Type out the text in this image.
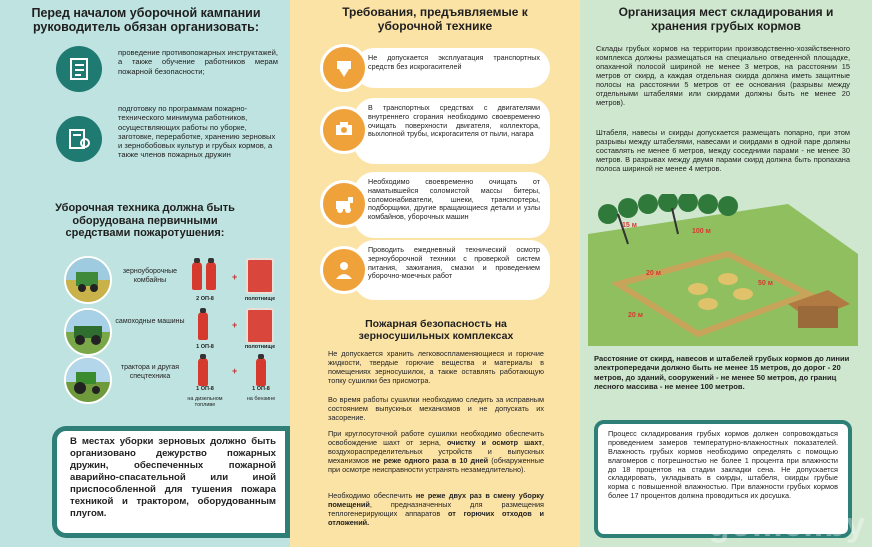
Перед началом уборочной кампании руководитель обязан организовать:
проведение противопожарных инструктажей, а также обучение работников мерам пожарной безопасности;
подготовку по программам пожарно-технического минимума работников, осуществляющих работы по уборке, заготовке, переработке, хранению зерновых и зернобобовых культур и грубых кормов, а также членов пожарных дружин
Уборочная техника должна быть оборудована первичными средствами пожаротушения:
зерноуборочные комбайны

2 ОП-8
+
полотнище
самоходные машины
1 ОП-8
+
полотнище
трактора и другая спецтехника
1 ОП-8
+
1 ОП-8
на дизельном топливе
на бензине
В местах уборки зерновых должно быть организовано дежурство пожарных дружин, обеспеченных пожарной аварийно-спасательной или иной приспособленной для тушения пожара техникой и трактором, оборудованным плугом.
Требования, предъявляемые к уборочной технике
Не допускается эксплуатация транспортных средств без искрогасителей
В транспортных средствах с двигателями внутреннего сгорания необходимо своевременно очищать поверхности двигателя, коллектора, выхлопной трубы, искрогасителя от пыли, нагара
Необходимо своевременно очищать от наматывшейся соломистой массы битеры, соломонабиватели, шнеки, транспортеры, подборщики, другие вращающиеся детали и узлы комбайнов, уборочных машин
Проводить ежедневный технический осмотр зерноуборочной техники с проверкой систем питания, зажигания, смазки и проведением уборочно-моечных работ
Пожарная безопасность на зерносушильных комплексах
Не допускается хранить легковоспламеняющиеся и горючие жидкости, твердые горючие вещества и материалы в помещениях зерносушилок, а также оставлять работающую топку сушилки без присмотра.
Во время работы сушилки необходимо следить за исправным состоянием выпускных механизмов и не допускать их засорение.
При круглосуточной работе сушилки необходимо обеспечить освобождение шахт от зерна, очистку и осмотр шахт, воздухораспределительных устройств и выпускных механизмов не реже одного раза в 10 дней (обнаруженные при осмотре неисправности устранять незамедлительно).
Необходимо обеспечить не реже двух раз в смену уборку помещений, предназначенных для размещения теплогенерирующих аппаратов от горючих отходов и отложений.
Организация мест складирования и хранения грубых кормов
Склады грубых кормов на территории производственно-хозяйственного комплекса должны размещаться на специально отведенной площадке, опаханной полосой шириной не менее 3 метров, на расстоянии 15 метров от скирд, а каждая отдельная скирда должна иметь защитные полосы на расстоянии 5 метров от ее основания (разрывы между отдельными штабелями или скирдами должны быть не менее 20 метров).
Штабеля, навесы и скирды допускается размещать попарно, при этом разрывы между штабелями, навесами и скирдами в одной паре должны составлять не менее 6 метров, между соседними парами - не менее 30 метров. В разрывах между двумя парами скирд должна быть пропахана полоса шириной не менее 4 метров.
15 м
100 м
20 м
50 м
20 м
Расстояние от скирд, навесов и штабелей грубых кормов до линии электропередачи должно быть не менее 15 метров, до дорог - 20 метров, до зданий, сооружений - не менее 50 метров, до границ лесного массива - не менее 100 метров.
Процесс складирования грубых кормов должен сопровождаться проведением замеров температурно-влажностных показателей. Влажность грубых кормов необходимо определять с помощью влагомеров с погрешностью не более 1 процента при влажности до 18 процентов на стадии закладки сена. Не допускается складировать, укладывать в скирды, штабеля, скирды грубые корма с повышенной влажностью. При влажности грубых кормов более 17 процентов должна проводиться их досушка.
gomel.by
